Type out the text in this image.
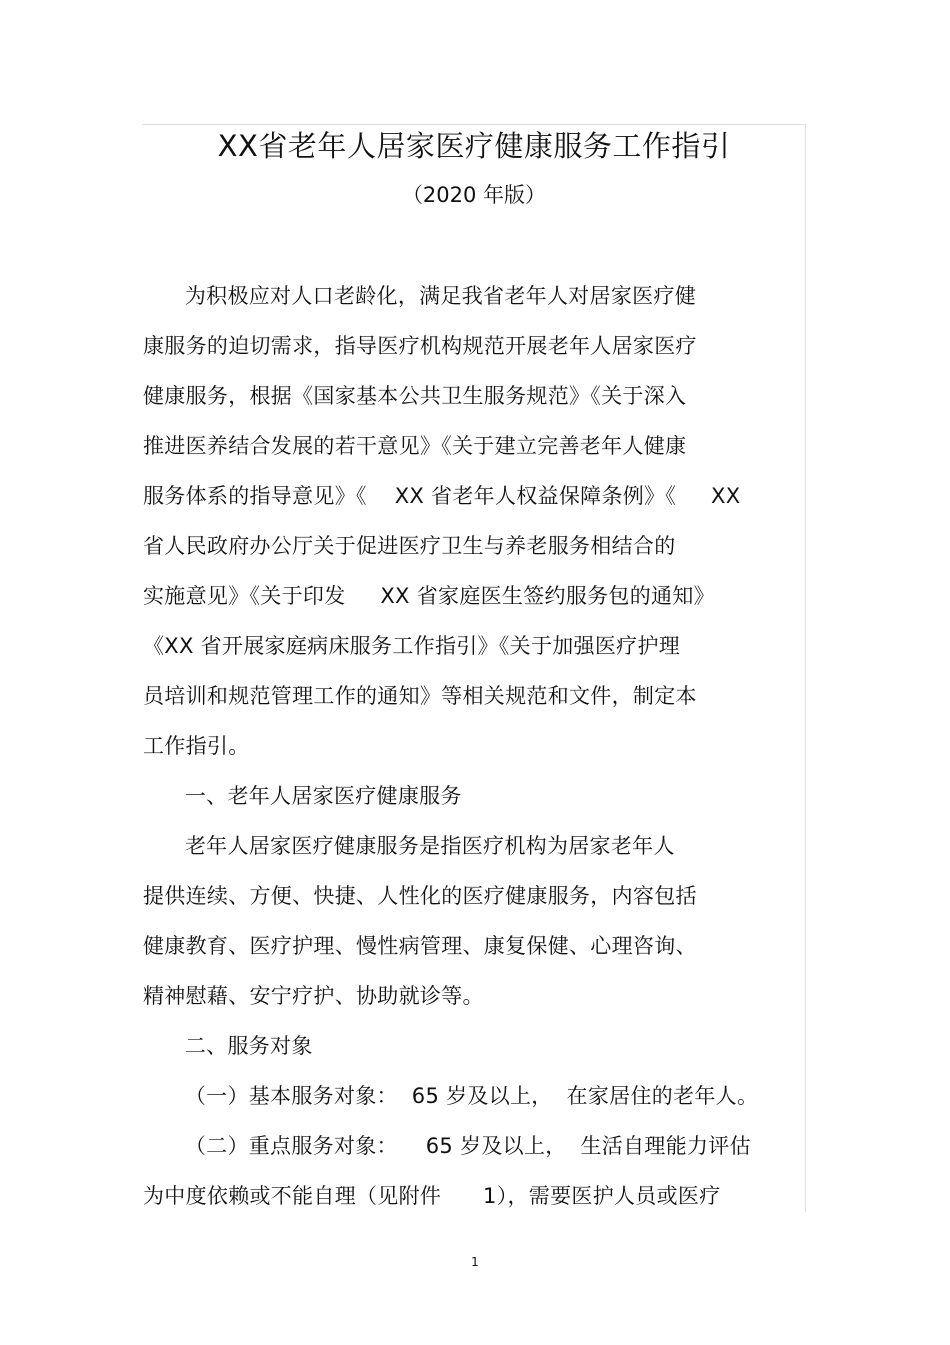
XX省老年人居家医疗健康服务工作指引
（2020 年版）
为积极应对人口老龄化，满足我省老年人对居家医疗健
康服务的迫切需求，指导医疗机构规范开展老年人居家医疗
健康服务，根据《国家基本公共卫生服务规范》《关于深入
推进医养结合发展的若干意见》《关于建立完善老年人健康
服务体系的指导意见》《    XX 省老年人权益保障条例》《     XX
省人民政府办公厅关于促进医疗卫生与养老服务相结合的
实施意见》《关于印发     XX 省家庭医生签约服务包的通知》
《XX 省开展家庭病床服务工作指引》《关于加强医疗护理
员培训和规范管理工作的通知》等相关规范和文件，制定本
工作指引。
一、老年人居家医疗健康服务
老年人居家医疗健康服务是指医疗机构为居家老年人
提供连续、方便、快捷、人性化的医疗健康服务，内容包括
健康教育、医疗护理、慢性病管理、康复保健、心理咨询、
精神慰藉、安宁疗护、协助就诊等。
二、服务对象
（一）基本服务对象：  65 岁及以上，  在家居住的老年人。
（二）重点服务对象：    65 岁及以上，  生活自理能力评估
为中度依赖或不能自理（见附件      1），需要医护人员或医疗
1
